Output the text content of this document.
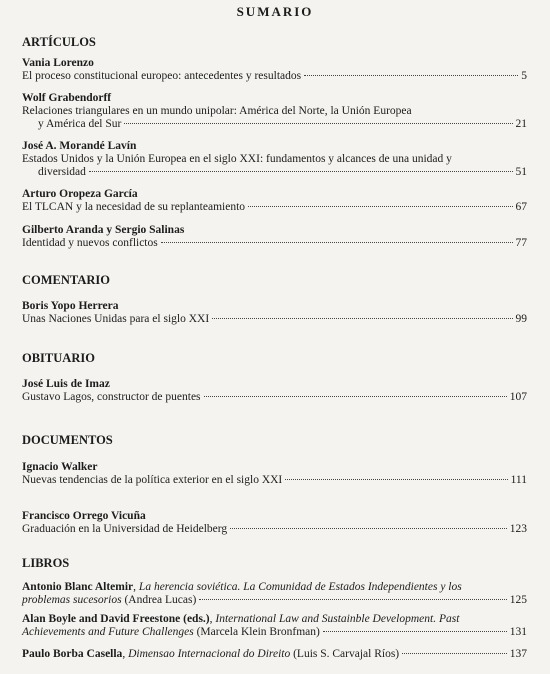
SUMARIO
ARTÍCULOS
Vania Lorenzo
El proceso constitucional europeo: antecedentes y resultados	5
Wolf Grabendorff
Relaciones triangulares en un mundo unipolar: América del Norte, la Unión Europea
y América del Sur	21
José A. Morandé Lavín
Estados Unidos y la Unión Europea en el siglo XXI: fundamentos y alcances de una unidad y
diversidad	51
Arturo Oropeza García
El TLCAN y la necesidad de su replanteamiento	67
Gilberto Aranda y Sergio Salinas
Identidad y nuevos conflictos	77
COMENTARIO
Boris Yopo Herrera
Unas Naciones Unidas para el siglo XXI	99
OBITUARIO
José Luis de Imaz
Gustavo Lagos, constructor de puentes	107
DOCUMENTOS
Ignacio Walker
Nuevas tendencias de la política exterior en el siglo XXI	111
Francisco Orrego Vicuña
Graduación en la Universidad de Heidelberg	123
LIBROS
Antonio Blanc Altemir, La herencia soviética. La Comunidad de Estados Independientes y los
problemas sucesorios (Andrea Lucas)	125
Alan Boyle and David Freestone (eds.), International Law and Sustainble Development. Past
Achievements and Future Challenges (Marcela Klein Bronfman)	131
Paulo Borba Casella, Dimensao Internacional do Direito (Luis S. Carvajal Ríos)	137
